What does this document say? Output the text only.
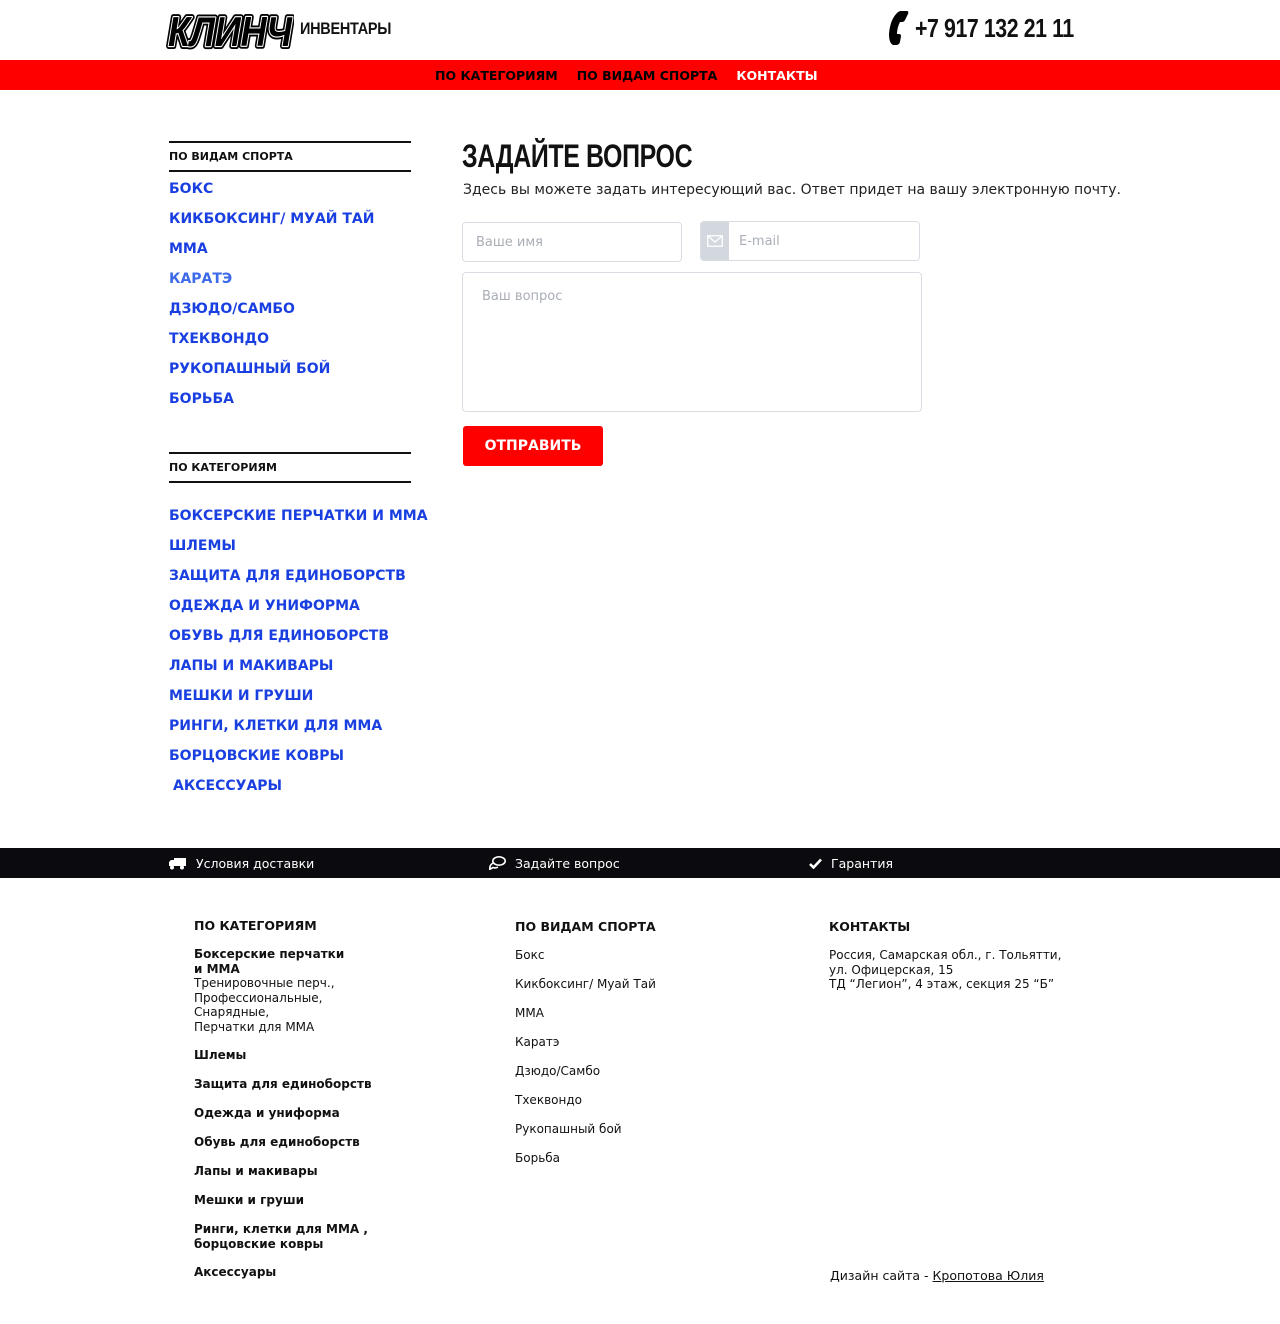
КЛИНЧ
КЛИНЧ
КЛИНЧ ИНВЕНТАРЫ	+7 917 132 21 11
ПО КАТЕГОРИЯМ ПО ВИДАМ СПОРТА КОНТАКТЫ
ПО ВИДАМ СПОРТА
БОКС
КИКБОКСИНГ/ МУАЙ ТАЙ
ММА
КАРАТЭ
ДЗЮДО/САМБО
ТХЕКВОНДО
РУКОПАШНЫЙ БОЙ
БОРЬБА
ПО КАТЕГОРИЯМ
БОКСЕРСКИЕ ПЕРЧАТКИ И ММА
ШЛЕМЫ
ЗАЩИТА ДЛЯ ЕДИНОБОРСТВ
ОДЕЖДА И УНИФОРМА
ОБУВЬ ДЛЯ ЕДИНОБОРСТВ
ЛАПЫ И МАКИВАРЫ
МЕШКИ И ГРУШИ
РИНГИ, КЛЕТКИ ДЛЯ ММА
БОРЦОВСКИЕ КОВРЫ
АКСЕССУАРЫ
ЗАДАЙТЕ ВОПРОС

Здесь вы можете задать интересующий вас. Ответ придет на вашу электронную почту.

Ваше имя
E-mail
Ваш вопрос
ОТПРАВИТЬ
Условия доставки	Задайте вопрос	Гарантия
ПО КАТЕГОРИЯМ
Боксерские перчатки
и ММА
Тренировочные перч.,
Профессиональные,
Снарядные,
Перчатки для ММА
Шлемы
Защита для единоборств
Одежда и униформа
Обувь для единоборств
Лапы и макивары
Мешки и груши
Ринги, клетки для ММА ,
борцовские ковры
Аксессуары
ПО ВИДАМ СПОРТА
Бокс
Кикбоксинг/ Муай Тай
ММА
Каратэ
Дзюдо/Самбо
Тхеквондо
Рукопашный бой
Борьба
КОНТАКТЫ
Россия, Самарская обл., г. Тольятти,
ул. Офицерская, 15
ТД “Легион”, 4 этаж, секция 25 “Б”
Дизайн сайта - Кропотова Юлия
